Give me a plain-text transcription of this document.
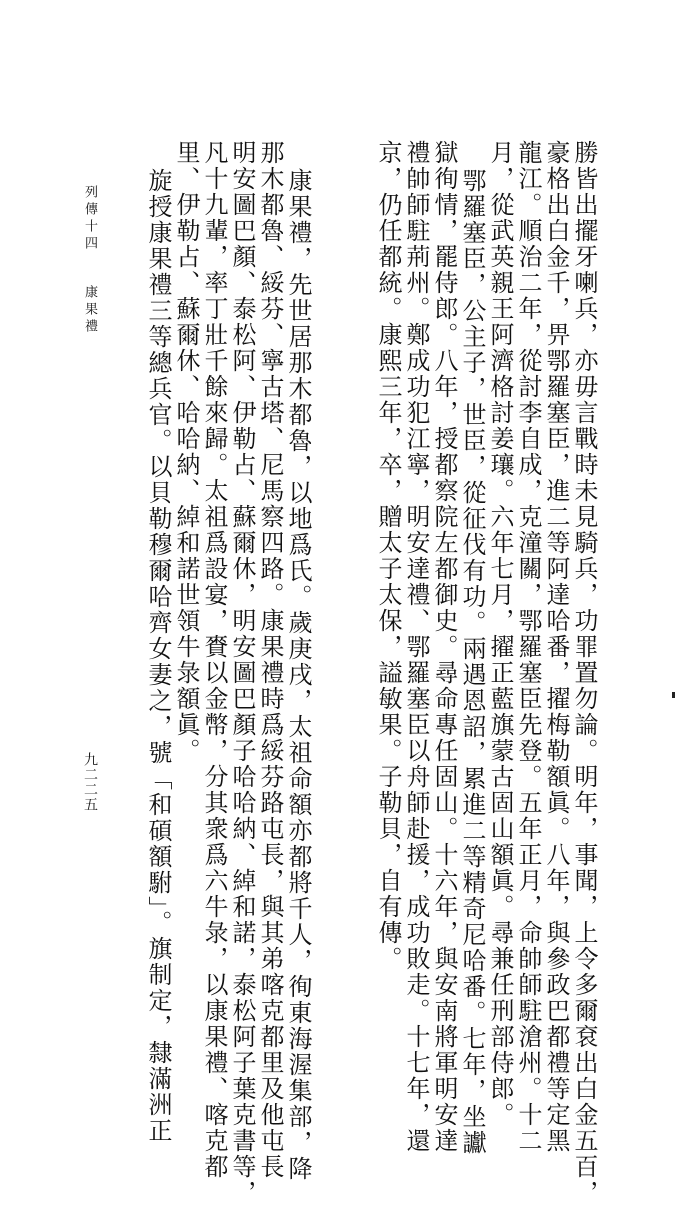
勝皆出擺牙喇兵，亦毋言戰時未見騎兵，功罪置勿論。明年，事聞，上令多爾袞出白金五百，
豪格出白金千，畀鄂羅塞臣，進二等阿達哈番，擢梅勒額眞。八年，與參政巴都禮等定黑
龍江。順治二年，從討李自成，克潼關，鄂羅塞臣先登。五年正月，命帥師駐滄州。十二
月，從武英親王阿濟格討姜瓖。六年七月，擢正藍旗蒙古固山額眞。尋兼任刑部侍郎。
鄂羅塞臣，公主子，世臣，從征伐有功。兩遇恩詔，累進二等精奇尼哈番。七年，坐讞
獄徇情，罷侍郎。八年，授都察院左都御史。尋命專任固山。十六年，與安南將軍明安達
禮帥師駐荊州。鄭成功犯江寧，明安達禮、鄂羅塞臣以舟師赴援，成功敗走。十七年，還
京，仍任都統。康熙三年，卒，贈太子太保，謚敏果。子勒貝，自有傳。
康果禮，先世居那木都魯，以地爲氏。歲庚戌，太祖命額亦都將千人，徇東海渥集部，降
那木都魯、綏芬、寧古塔、尼馬察四路。康果禮時爲綏芬路屯長，與其弟喀克都里及他屯長
明安圖巴顏、泰松阿、伊勒占、蘇爾休，明安圖巴顏子哈哈納、綽和諾，泰松阿子葉克書等，
凡十九輩，率丁壯千餘來歸。太祖爲設宴，賚以金幣，分其衆爲六牛彔，以康果禮、喀克都
里、伊勒占、蘇爾休、哈哈納、綽和諾世領牛彔額眞。
旋授康果禮三等總兵官。以貝勒穆爾哈齊女妻之，號「和碩額駙」。旗制定，隸滿洲正
列傳十四
康果禮
九二二五
